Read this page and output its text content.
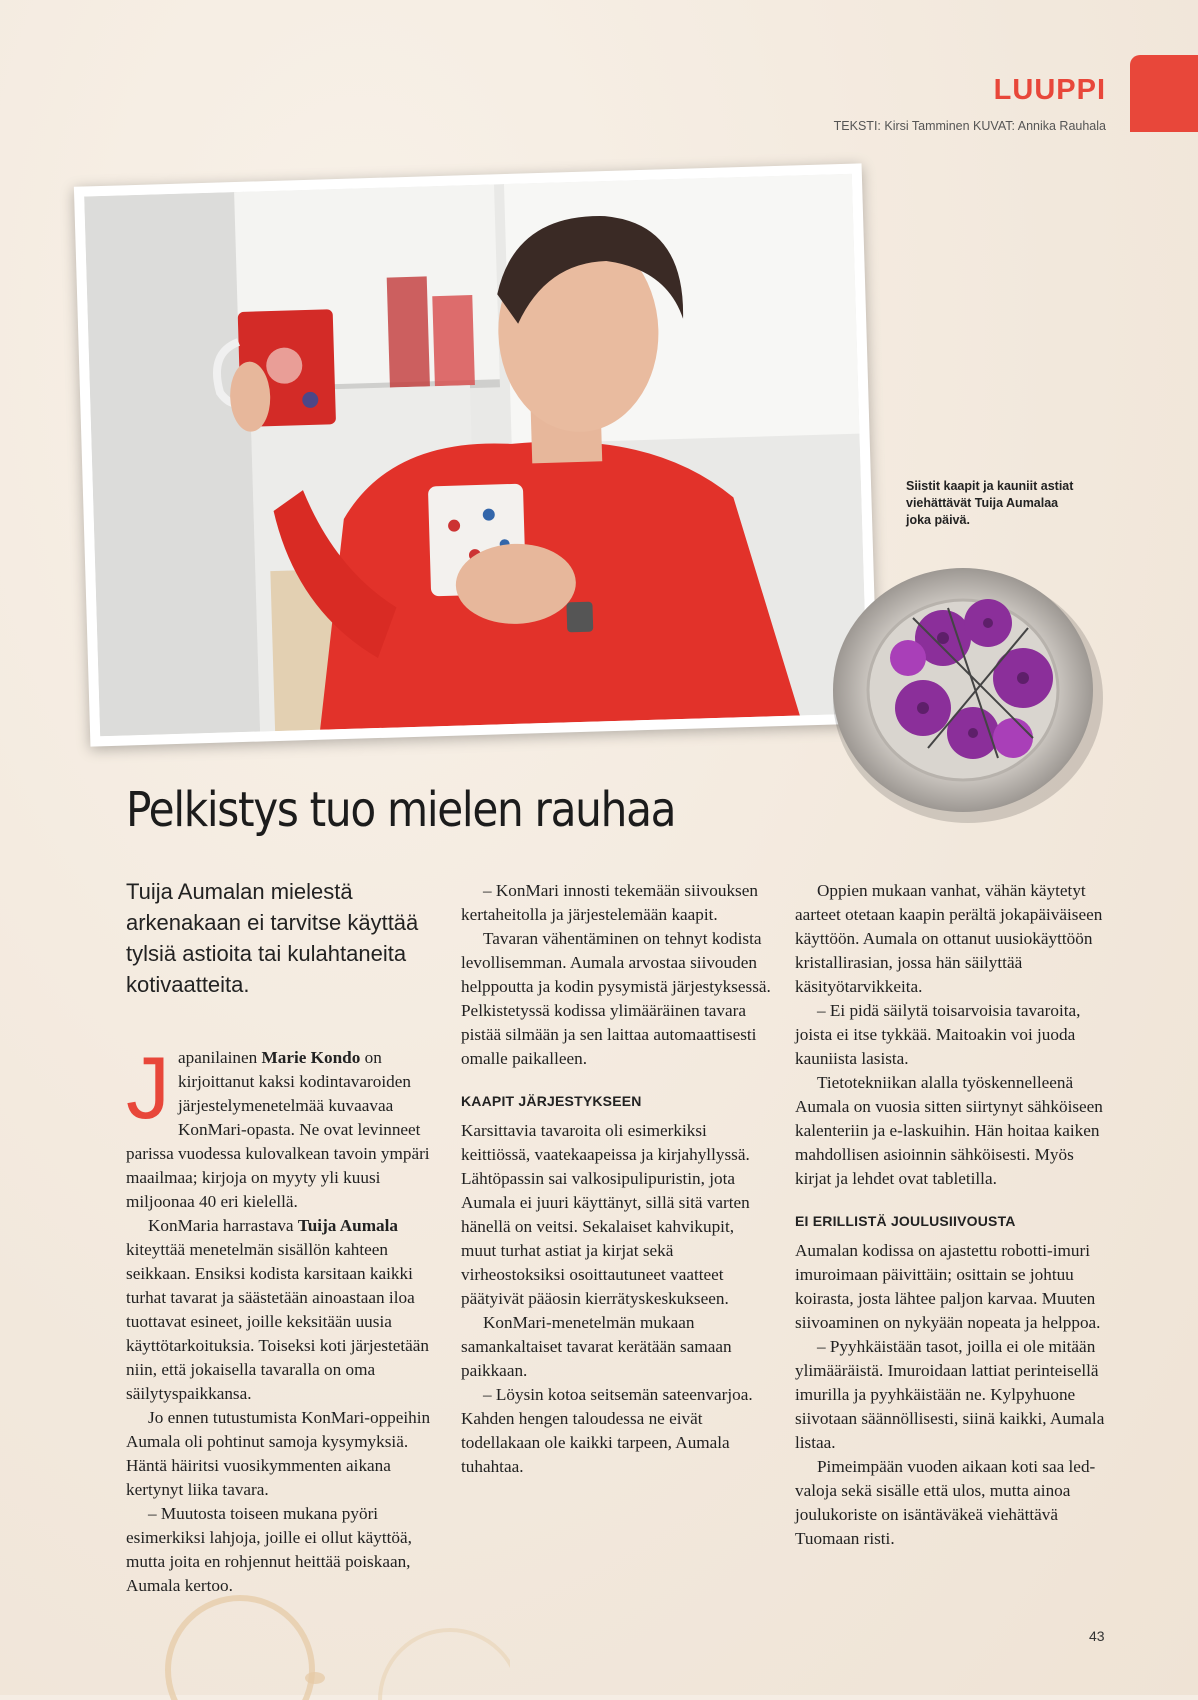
LUUPPI
TEKSTI: Kirsi Tamminen KUVAT: Annika Rauhala
Siistit kaapit ja kauniit astiat viehättävät Tuija Aumalaa joka päivä.
Pelkistys tuo mielen rauhaa
Tuija Aumalan mielestä arkenakaan ei tarvitse käyttää tylsiä astioita tai kulahtaneita kotivaatteita.

Japanilainen Marie Kondo on kirjoittanut kaksi kodintavaroiden järjestelymenetelmää kuvaavaa KonMari-opasta. Ne ovat levinneet parissa vuodessa kulovalkean tavoin ympäri maailmaa; kirjoja on myyty yli kuusi miljoonaa 40 eri kielellä.

KonMaria harrastava Tuija Aumala kiteyttää menetelmän sisällön kahteen seikkaan. Ensiksi kodista karsitaan kaikki turhat tavarat ja säästetään ainoastaan iloa tuottavat esineet, joille keksitään uusia käyttötarkoituksia. Toiseksi koti järjestetään niin, että jokaisella tavaralla on oma säilytyspaikkansa.

Jo ennen tutustumista KonMari-oppeihin Aumala oli pohtinut samoja kysymyksiä. Häntä häiritsi vuosikymmenten aikana kertynyt liika tavara.

– Muutosta toiseen mukana pyöri esimerkiksi lahjoja, joille ei ollut käyttöä, mutta joita en rohjennut heittää poiskaan, Aumala kertoo.

– KonMari innosti tekemään siivouksen kertaheitolla ja järjestelemään kaapit.

Tavaran vähentäminen on tehnyt kodista levollisemman. Aumala arvostaa siivouden helppoutta ja kodin pysymistä järjestyksessä. Pelkistetyssä kodissa ylimääräinen tavara pistää silmään ja sen laittaa automaattisesti omalle paikalleen.

KAAPIT JÄRJESTYKSEEN

Karsittavia tavaroita oli esimerkiksi keittiössä, vaatekaapeissa ja kirjahyllyssä. Lähtöpassin sai valkosipulipuristin, jota Aumala ei juuri käyttänyt, sillä sitä varten hänellä on veitsi. Sekalaiset kahvikupit, muut turhat astiat ja kirjat sekä virheostoksiksi osoittautuneet vaatteet päätyivät pääosin kierrätyskeskukseen.

KonMari-menetelmän mukaan samankaltaiset tavarat kerätään samaan paikkaan.

– Löysin kotoa seitsemän sateenvarjoa. Kahden hengen taloudessa ne eivät todellakaan ole kaikki tarpeen, Aumala tuhahtaa.

Oppien mukaan vanhat, vähän käytetyt aarteet otetaan kaapin perältä jokapäiväiseen käyttöön. Aumala on ottanut uusiokäyttöön kristallirasian, jossa hän säilyttää käsityötarvikkeita.

– Ei pidä säilytä toisarvoisia tavaroita, joista ei itse tykkää. Maitoakin voi juoda kauniista lasista.

Tietotekniikan alalla työskennelleenä Aumala on vuosia sitten siirtynyt sähköiseen kalenteriin ja e-laskuihin. Hän hoitaa kaiken mahdollisen asioinnin sähköisesti. Myös kirjat ja lehdet ovat tabletilla.

EI ERILLISTÄ JOULUSIIVOUSTA

Aumalan kodissa on ajastettu robotti-imuri imuroimaan päivittäin; osittain se johtuu koirasta, josta lähtee paljon karvaa. Muuten siivoaminen on nykyään nopeata ja helppoa.

– Pyyhkäistään tasot, joilla ei ole mitään ylimääräistä. Imuroidaan lattiat perinteisellä imurilla ja pyyhkäistään ne. Kylpyhuone siivotaan säännöllisesti, siinä kaikki, Aumala listaa.

Pimeimpään vuoden aikaan koti saa led-valoja sekä sisälle että ulos, mutta ainoa joulukoriste on isäntäväkeä viehättävä Tuomaan risti.

43
